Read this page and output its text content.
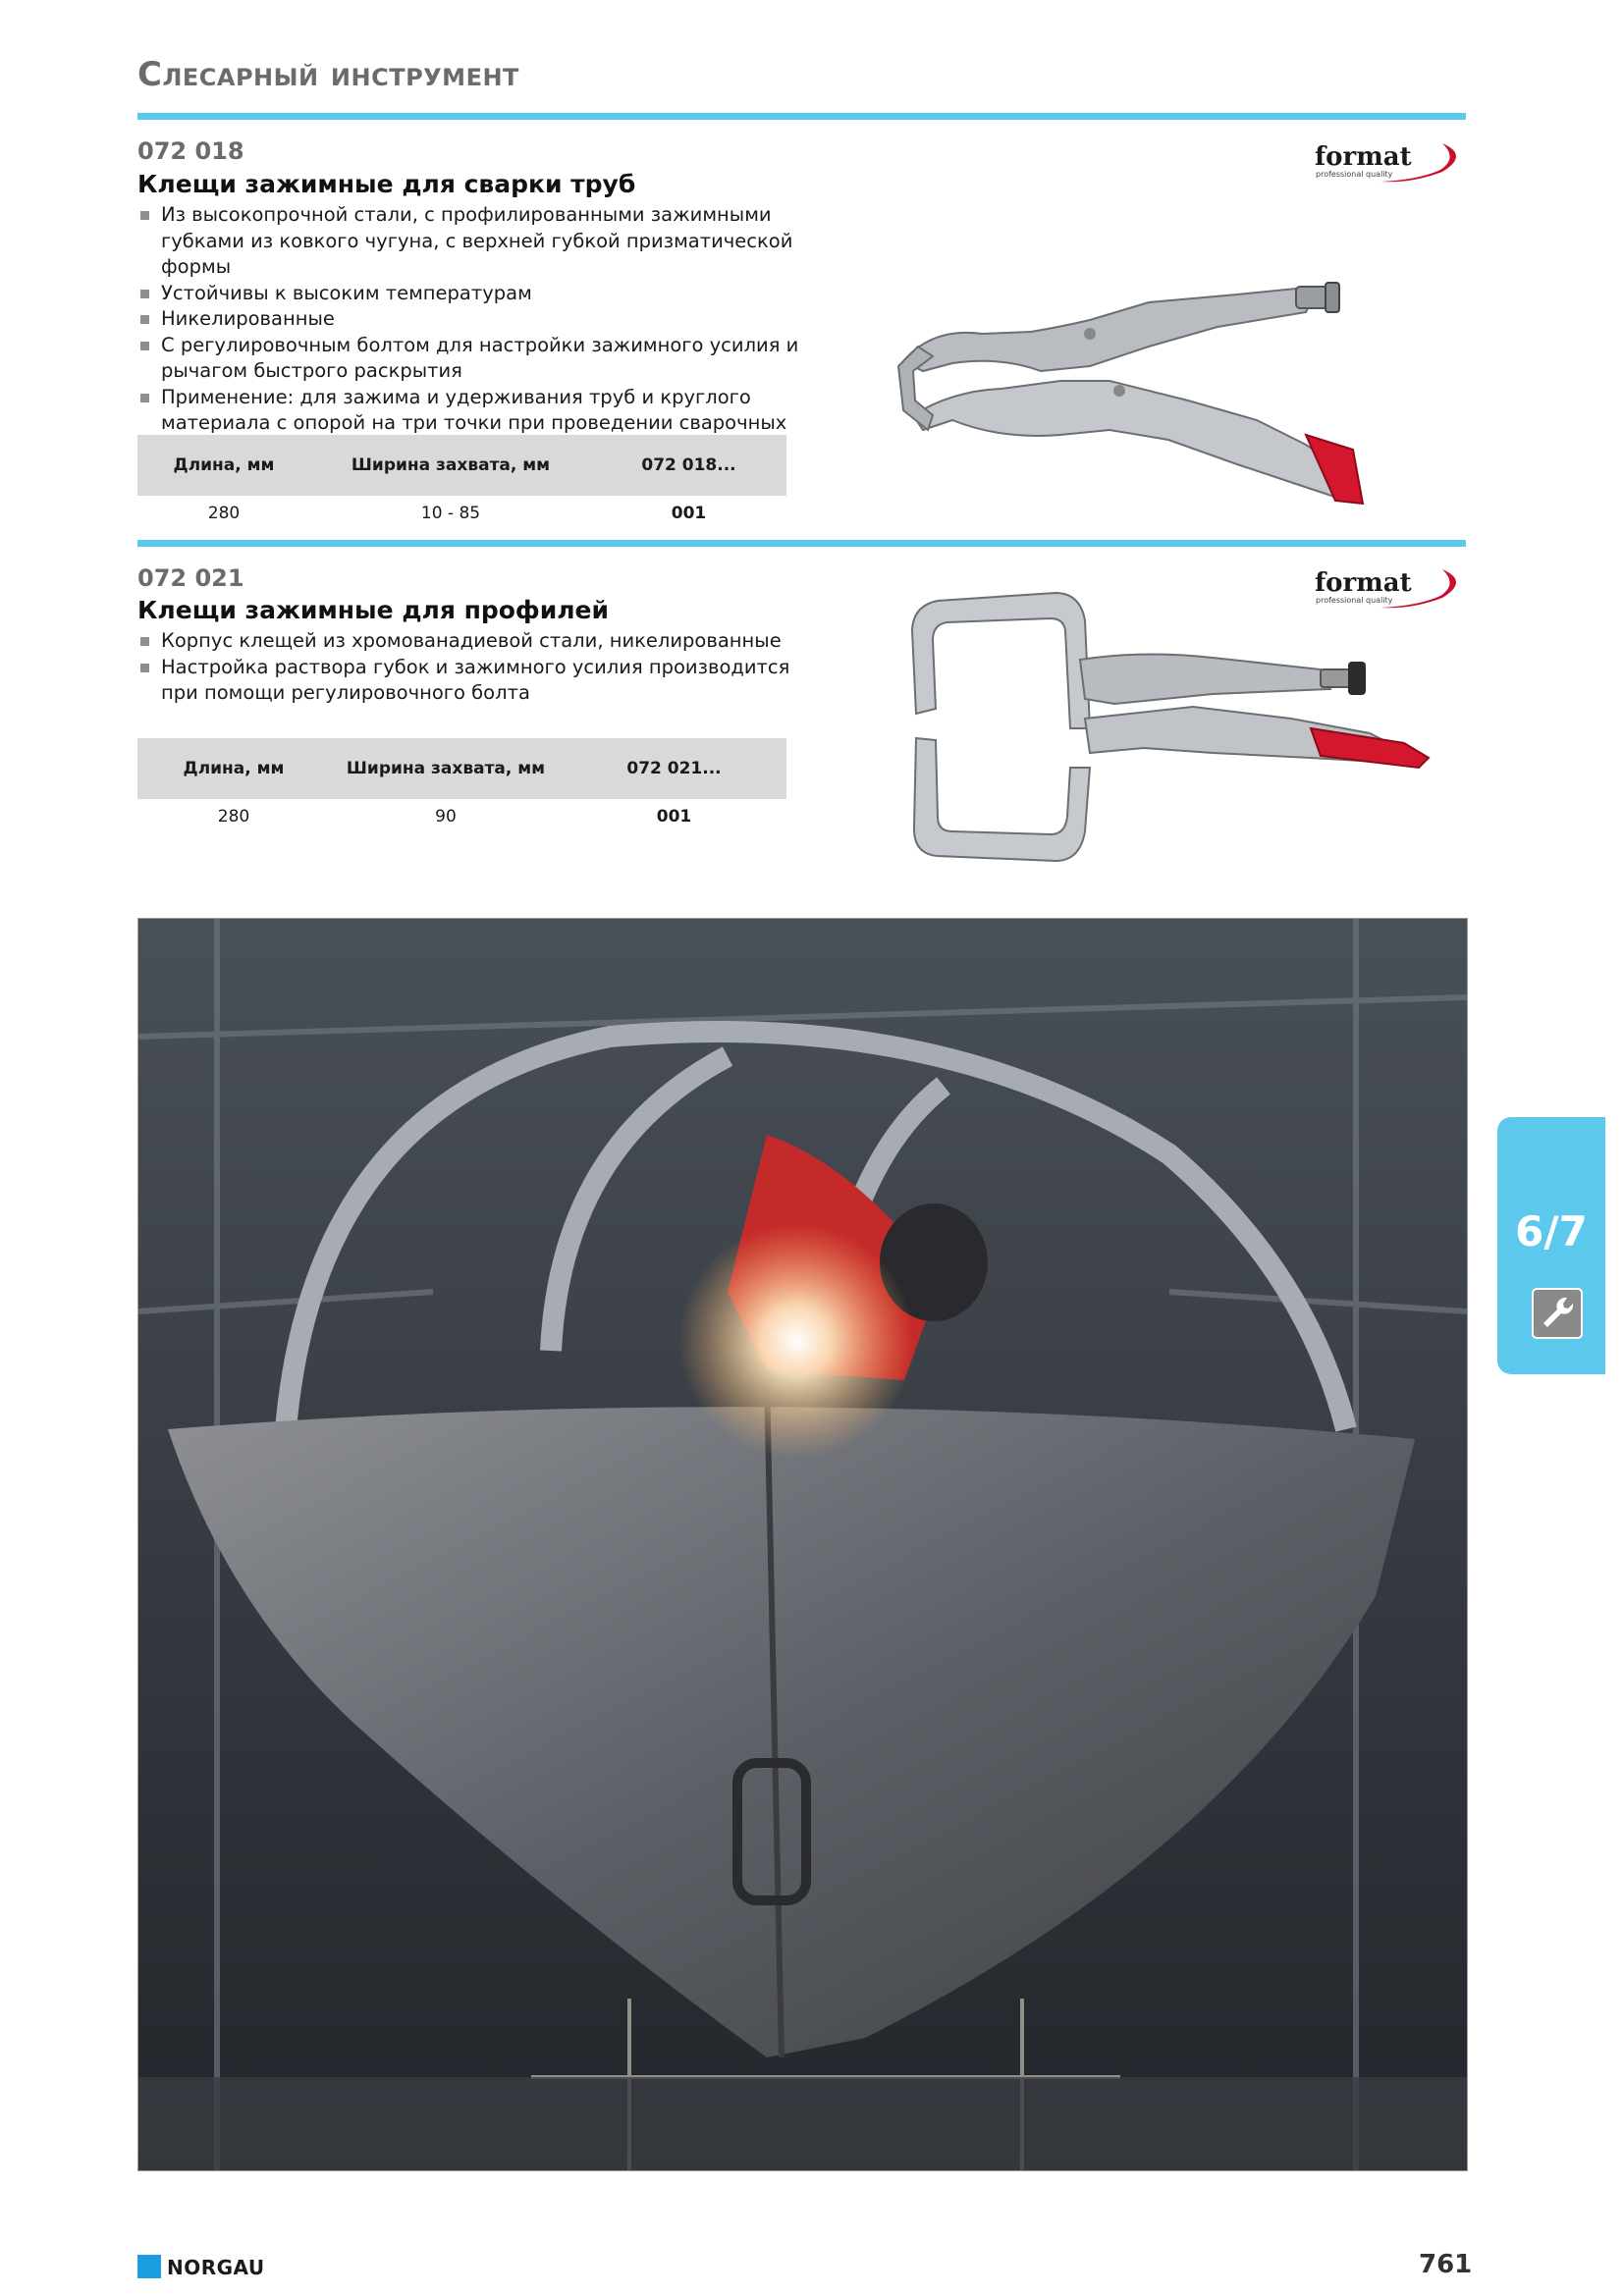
Слесарный инструмент
072 018
Клещи зажимные для сварки труб
Из высокопрочной стали, с профилированными зажимными губками из ковкого чугуна, с верхней губкой призматической формы
Устойчивы к высоким температурам
Никелированные
С регулировочным болтом для настройки зажимного усилия и рычагом быстрого раскрытия
Применение: для зажима и удерживания труб и круглого материала с опорой на три точки при проведении сварочных
format
professional quality
Длина, мм	Ширина захвата, мм	072 018...
280	10 - 85	001
072 021
Клещи зажимные для профилей
Корпус клещей из хромованадиевой стали, никелированные
Настройка раствора губок и зажимного усилия производится при помощи регулировочного болта
format
professional quality
Длина, мм	Ширина захвата, мм	072 021...
280	90	001
6/7
NORGAU	761
